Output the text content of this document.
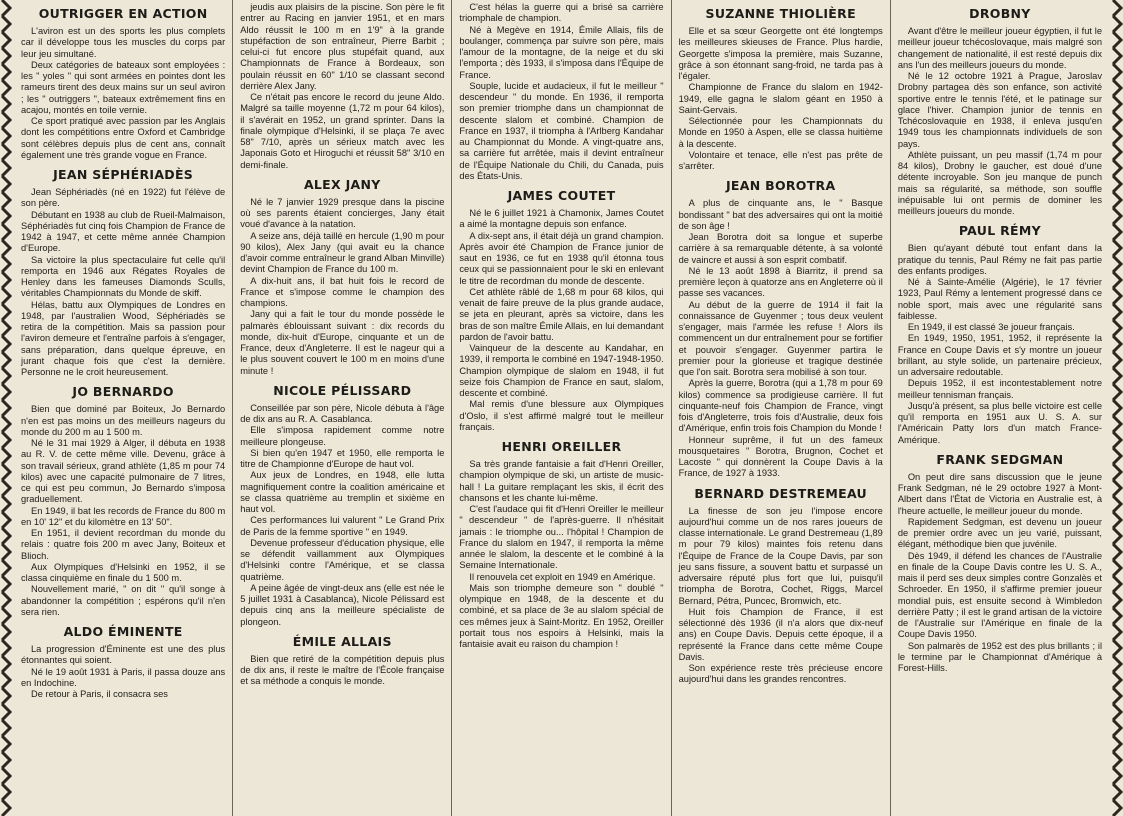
OUTRIGGER EN ACTION

L'aviron est un des sports les plus complets car il développe tous les muscles du corps par leur jeu simultané.

Deux catégories de bateaux sont employées : les " yoles " qui sont armées en pointes dont les rameurs tirent des deux mains sur un seul aviron ; les " outriggers ", bateaux extrêmement fins en acajou, montés en toile vernie.

Ce sport pratiqué avec passion par les Anglais dont les compétitions entre Oxford et Cambridge sont célèbres depuis plus de cent ans, connaît également une très grande vogue en France.

JEAN SÉPHÉRIADÈS

Jean Séphériadès (né en 1922) fut l'élève de son père.

Débutant en 1938 au club de Rueil-Malmaison, Séphériadès fut cinq fois Champion de France de 1942 à 1947, et cette même année Champion d'Europe.

Sa victoire la plus spectaculaire fut celle qu'il remporta en 1946 aux Régates Royales de Henley dans les fameuses Diamonds Sculls, véritables Championnats du Monde de skiff.

Hélas, battu aux Olympiques de Londres en 1948, par l'australien Wood, Séphériadès se retira de la compétition. Mais sa passion pour l'aviron demeure et l'entraîne parfois à s'engager, sans préparation, dans quelque épreuve, en jurant chaque fois que c'est la dernière. Personne ne le croit heureusement.

JO BERNARDO

Bien que dominé par Boiteux, Jo Bernardo n'en est pas moins un des meilleurs nageurs du monde du 200 m au 1 500 m.

Né le 31 mai 1929 à Alger, il débuta en 1938 au R. V. de cette même ville. Devenu, grâce à son travail sérieux, grand athlète (1,85 m pour 74 kilos) avec une capacité pulmonaire de 7 litres, ce qui est peu commun, Jo Bernardo s'imposa graduellement.

En 1949, il bat les records de France du 800 m en 10' 12" et du kilomètre en 13' 50".

En 1951, il devient recordman du monde du relais : quatre fois 200 m avec Jany, Boiteux et Blioch.

Aux Olympiques d'Helsinki en 1952, il se classa cinquième en finale du 1 500 m.

Nouvellement marié, " on dit " qu'il songe à abandonner la compétition ; espérons qu'il n'en sera rien.

ALDO ÉMINENTE

La progression d'Éminente est une des plus étonnantes qui soient.

Né le 19 août 1931 à Paris, il passa douze ans en Indochine.

De retour à Paris, il consacra ses

jeudis aux plaisirs de la piscine. Son père le fit entrer au Racing en janvier 1951, et en mars Aldo réussit le 100 m en 1'9" à la grande stupéfaction de son entraîneur, Pierre Barbit ; celui-ci fut encore plus stupéfait quand, aux Championnats de France à Bordeaux, son poulain réussit en 60" 1/10 se classant second derrière Alex Jany.

Ce n'était pas encore le record du jeune Aldo. Malgré sa taille moyenne (1,72 m pour 64 kilos), il s'avérait en 1952, un grand sprinter. Dans la finale olympique d'Helsinki, il se plaça 7e avec 58" 7/10, après un sérieux match avec les Japonais Goto et Hiroguchi et réussit 58" 3/10 en demi-finale.

ALEX JANY

Né le 7 janvier 1929 presque dans la piscine où ses parents étaient concierges, Jany était voué d'avance à la natation.

A seize ans, déjà taillé en hercule (1,90 m pour 90 kilos), Alex Jany (qui avait eu la chance d'avoir comme entraîneur le grand Alban Minville) devint Champion de France du 100 m.

A dix-huit ans, il bat huit fois le record de France et s'impose comme le champion des champions.

Jany qui a fait le tour du monde possède le palmarès éblouissant suivant : dix records du monde, dix-huit d'Europe, cinquante et un de France, deux d'Angleterre. Il est le nageur qui a le plus souvent couvert le 100 m en moins d'une minute !

NICOLE PÉLISSARD

Conseillée par son père, Nicole débuta à l'âge de dix ans au R. A. Casablanca.

Elle s'imposa rapidement comme notre meilleure plongeuse.

Si bien qu'en 1947 et 1950, elle remporta le titre de Championne d'Europe de haut vol.

Aux jeux de Londres, en 1948, elle lutta magnifiquement contre la coalition américaine et se classa quatrième au tremplin et sixième en haut vol.

Ces performances lui valurent " Le Grand Prix de Paris de la femme sportive " en 1949.

Devenue professeur d'éducation physique, elle se défendit vaillamment aux Olympiques d'Helsinki contre l'Amérique, et se classa quatrième.

A peine âgée de vingt-deux ans (elle est née le 5 juillet 1931 à Casablanca), Nicole Pélissard est depuis cinq ans la meilleure spécialiste de plongeon.

ÉMILE ALLAIS

Bien que retiré de la compétition depuis plus de dix ans, il reste le maître de l'École française et sa méthode a conquis le monde.

C'est hélas la guerre qui a brisé sa carrière triomphale de champion.

Né à Megève en 1914, Émile Allais, fils de boulanger, commença par suivre son père, mais l'amour de la montagne, de la neige et du ski l'emporta ; dès 1933, il s'imposa dans l'Équipe de France.

Souple, lucide et audacieux, il fut le meilleur " descendeur " du monde. En 1936, il remporta son premier triomphe dans un championnat de descente slalom et combiné. Champion de France en 1937, il triompha à l'Arlberg Kandahar au Championnat du Monde. A vingt-quatre ans, sa carrière fut arrêtée, mais il devint entraîneur de l'Équipe Nationale du Chili, du Canada, puis des États-Unis.

JAMES COUTET

Né le 6 juillet 1921 à Chamonix, James Coutet a aimé la montagne depuis son enfance.

A dix-sept ans, il était déjà un grand champion. Après avoir été Champion de France junior de saut en 1936, ce fut en 1938 qu'il étonna tous ceux qui se passionnaient pour le ski en enlevant le titre de recordman du monde de descente.

Cet athlète râblé de 1,68 m pour 68 kilos, qui venait de faire preuve de la plus grande audace, se jeta en pleurant, après sa victoire, dans les bras de son maître Émile Allais, en lui demandant pardon de l'avoir battu.

Vainqueur de la descente au Kandahar, en 1939, il remporta le combiné en 1947-1948-1950. Champion olympique de slalom en 1948, il fut seize fois Champion de France en saut, slalom, descente et combiné.

Mal remis d'une blessure aux Olympiques d'Oslo, il s'est affirmé malgré tout le meilleur français.

HENRI OREILLER

Sa très grande fantaisie a fait d'Henri Oreiller, champion olympique de ski, un artiste de music-hall ! La guitare remplaçant les skis, il écrit des chansons et les chante lui-même.

C'est l'audace qui fit d'Henri Oreiller le meilleur " descendeur " de l'après-guerre. Il n'hésitait jamais : le triomphe ou... l'hôpital ! Champion de France du slalom en 1947, il remporta la même année le slalom, la descente et le combiné à la Semaine Internationale.

Il renouvela cet exploit en 1949 en Amérique.

Mais son triomphe demeure son " doublé " olympique en 1948, de la descente et du combiné, et sa place de 3e au slalom spécial de ces mêmes jeux à Saint-Moritz. En 1952, Oreiller portait tous nos espoirs à Helsinki, mais la fantaisie avait eu raison du champion !

SUZANNE THIOLIÈRE

Elle et sa sœur Georgette ont été longtemps les meilleures skieuses de France. Plus hardie, Georgette s'imposa la première, mais Suzanne, grâce à son étonnant sang-froid, ne tarda pas à l'égaler.

Championne de France du slalom en 1942-1949, elle gagna le slalom géant en 1950 à Saint-Gervais.

Sélectionnée pour les Championnats du Monde en 1950 à Aspen, elle se classa huitième à la descente.

Volontaire et tenace, elle n'est pas prête de s'arrêter.

JEAN BOROTRA

A plus de cinquante ans, le " Basque bondissant " bat des adversaires qui ont la moitié de son âge !

Jean Borotra doit sa longue et superbe carrière à sa remarquable détente, à sa volonté de vaincre et aussi à son esprit combatif.

Né le 13 août 1898 à Biarritz, il prend sa première leçon à quatorze ans en Angleterre où il passe ses vacances.

Au début de la guerre de 1914 il fait la connaissance de Guyenmer ; tous deux veulent s'engager, mais l'armée les refuse ! Alors ils commencent un dur entraînement pour se fortifier et pouvoir s'engager. Guyenmer partira le premier pour la glorieuse et tragique destinée que l'on sait. Borotra sera mobilisé à son tour.

Après la guerre, Borotra (qui a 1,78 m pour 69 kilos) commence sa prodigieuse carrière. Il fut cinquante-neuf fois Champion de France, vingt fois d'Angleterre, trois fois d'Australie, deux fois d'Amérique, enfin trois fois Champion du Monde !

Honneur suprême, il fut un des fameux mousquetaires " Borotra, Brugnon, Cochet et Lacoste " qui donnèrent la Coupe Davis à la France, de 1927 à 1933.

BERNARD DESTREMEAU

La finesse de son jeu l'impose encore aujourd'hui comme un de nos rares joueurs de classe internationale. Le grand Destremeau (1,89 m pour 79 kilos) maintes fois retenu dans l'Équipe de France de la Coupe Davis, par son jeu sans fissure, a souvent battu et surpassé un adversaire réputé plus fort que lui, puisqu'il triompha de Borotra, Cochet, Riggs, Marcel Bernard, Pétra, Puncec, Bromwich, etc.

Huit fois Champion de France, il est sélectionné dès 1936 (il n'a alors que dix-neuf ans) en Coupe Davis. Depuis cette époque, il a représenté la France dans cette même Coupe Davis.

Son expérience reste très précieuse encore aujourd'hui dans les grandes rencontres.

DROBNY

Avant d'être le meilleur joueur égyptien, il fut le meilleur joueur tchécoslovaque, mais malgré son changement de nationalité, il est resté depuis dix ans l'un des meilleurs joueurs du monde.

Né le 12 octobre 1921 à Prague, Jaroslav Drobny partagea dès son enfance, son activité sportive entre le tennis l'été, et le patinage sur glace l'hiver. Champion junior de tennis en Tchécoslovaquie en 1938, il enleva jusqu'en 1949 tous les championnats individuels de son pays.

Athlète puissant, un peu massif (1,74 m pour 84 kilos), Drobny le gaucher, est doué d'une détente incroyable. Son jeu manque de punch mais sa régularité, sa méthode, son souffle inépuisable lui ont permis de dominer les meilleurs joueurs du monde.

PAUL RÉMY

Bien qu'ayant débuté tout enfant dans la pratique du tennis, Paul Rémy ne fait pas partie des enfants prodiges.

Né à Sainte-Amélie (Algérie), le 17 février 1923, Paul Rémy a lentement progressé dans ce noble sport, mais avec une régularité sans faiblesse.

En 1949, il est classé 3e joueur français.

En 1949, 1950, 1951, 1952, il représente la France en Coupe Davis et s'y montre un joueur brillant, au style solide, un partenaire précieux, un adversaire redoutable.

Depuis 1952, il est incontestablement notre meilleur tennisman français.

Jusqu'à présent, sa plus belle victoire est celle qu'il remporta en 1951 aux U. S. A. sur l'Américain Patty lors d'un match France-Amérique.

FRANK SEDGMAN

On peut dire sans discussion que le jeune Frank Sedgman, né le 29 octobre 1927 à Mont-Albert dans l'État de Victoria en Australie est, à l'heure actuelle, le meilleur joueur du monde.

Rapidement Sedgman, est devenu un joueur de premier ordre avec un jeu varié, puissant, élégant, méthodique bien que juvénile.

Dès 1949, il défend les chances de l'Australie en finale de la Coupe Davis contre les U. S. A., mais il perd ses deux simples contre Gonzalès et Schroeder. En 1950, il s'affirme premier joueur mondial puis, est ensuite second à Wimbledon derrière Patty ; il est le grand artisan de la victoire de l'Australie sur l'Amérique en finale de la Coupe Davis 1950.

Son palmarès de 1952 est des plus brillants ; il le termine par le Championnat d'Amérique à Forest-Hills.
